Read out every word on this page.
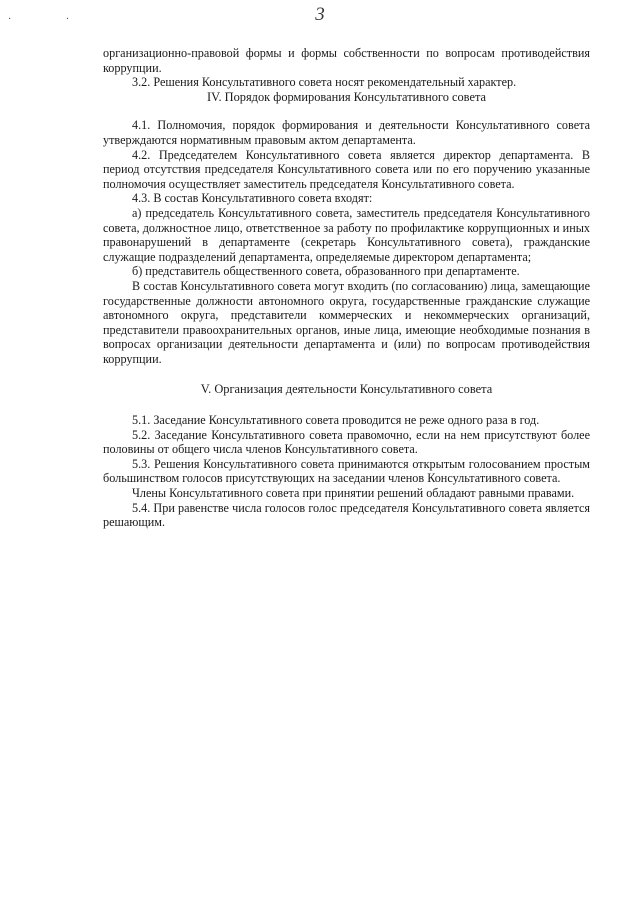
· ·	3

организационно-правовой формы и формы собственности по вопросам противодействия коррупции.

3.2. Решения Консультативного совета носят рекомендательный характер.

IV. Порядок формирования Консультативного совета

4.1. Полномочия, порядок формирования и деятельности Консультативного совета утверждаются нормативным правовым актом департамента.

4.2. Председателем Консультативного совета является директор департамента. В период отсутствия председателя Консультативного совета или по его поручению указанные полномочия осуществляет заместитель председателя Консультативного совета.

4.3. В состав Консультативного совета входят:

а) председатель Консультативного совета, заместитель председателя Консультативного совета, должностное лицо, ответственное за работу по профилактике коррупционных и иных правонарушений в департаменте (секретарь Консультативного совета), гражданские служащие подразделений департамента, определяемые директором департамента;

б) представитель общественного совета, образованного при департаменте.

В состав Консультативного совета могут входить (по согласованию) лица, замещающие государственные должности автономного округа, государственные гражданские служащие автономного округа, представители коммерческих и некоммерческих организаций, представители правоохранительных органов, иные лица, имеющие необходимые познания в вопросах организации деятельности департамента и (или) по вопросам противодействия коррупции.

V. Организация деятельности Консультативного совета

5.1. Заседание Консультативного совета проводится не реже одного раза в год.

5.2. Заседание Консультативного совета правомочно, если на нем присутствуют более половины от общего числа членов Консультативного совета.

5.3. Решения Консультативного совета принимаются открытым голосованием простым большинством голосов присутствующих на заседании членов Консультативного совета.

Члены Консультативного совета при принятии решений обладают равными правами.

5.4. При равенстве числа голосов голос председателя Консультативного совета является решающим.
